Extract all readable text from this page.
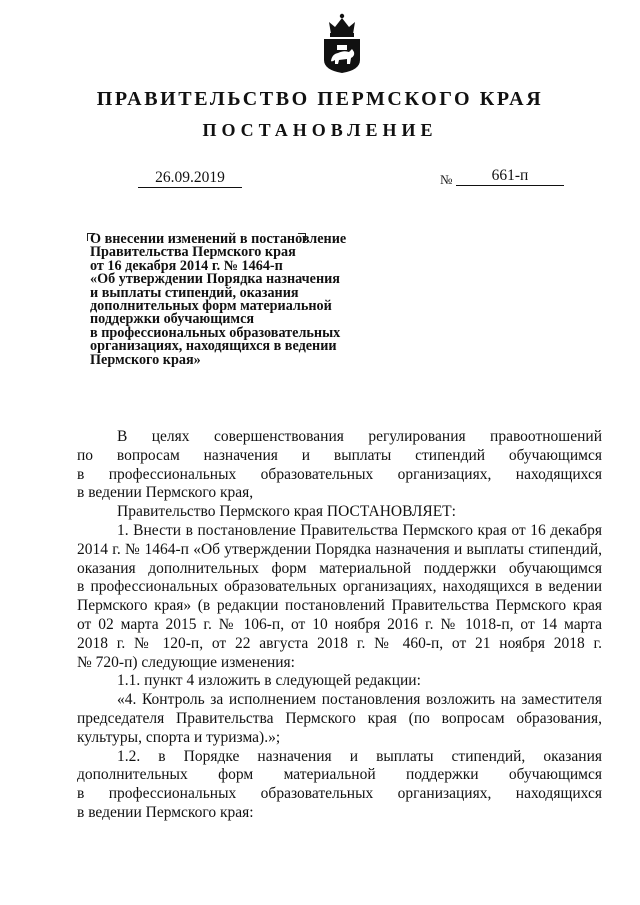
ПРАВИТЕЛЬСТВО ПЕРМСКОГО КРАЯ
ПОСТАНОВЛЕНИЕ
26.09.2019	№	661-п
О внесении изменений в постановление
Правительства Пермского края
от 16 декабря 2014 г. № 1464-п
«Об утверждении Порядка назначения
и выплаты стипендий, оказания
дополнительных форм материальной
поддержки обучающимся
в профессиональных образовательных
организациях, находящихся в ведении
Пермского края»
В целях совершенствования регулирования правоотношений
по вопросам назначения и выплаты стипендий обучающимся
в профессиональных образовательных организациях, находящихся
в ведении Пермского края,
Правительство Пермского края ПОСТАНОВЛЯЕТ:
1. Внести в постановление Правительства Пермского края от 16 декабря
2014 г. № 1464-п «Об утверждении Порядка назначения и выплаты стипендий,
оказания дополнительных форм материальной поддержки обучающимся
в профессиональных образовательных организациях, находящихся в ведении
Пермского края» (в редакции постановлений Правительства Пермского края
от 02 марта 2015 г. № 106-п, от 10 ноября 2016 г. № 1018-п, от 14 марта
2018 г. № 120-п, от 22 августа 2018 г. № 460-п, от 21 ноября 2018 г.
№ 720-п) следующие изменения:
1.1. пункт 4 изложить в следующей редакции:
«4. Контроль за исполнением постановления возложить на заместителя
председателя Правительства Пермского края (по вопросам образования,
культуры, спорта и туризма).»;
1.2. в Порядке назначения и выплаты стипендий, оказания
дополнительных форм материальной поддержки обучающимся
в профессиональных образовательных организациях, находящихся
в ведении Пермского края:
